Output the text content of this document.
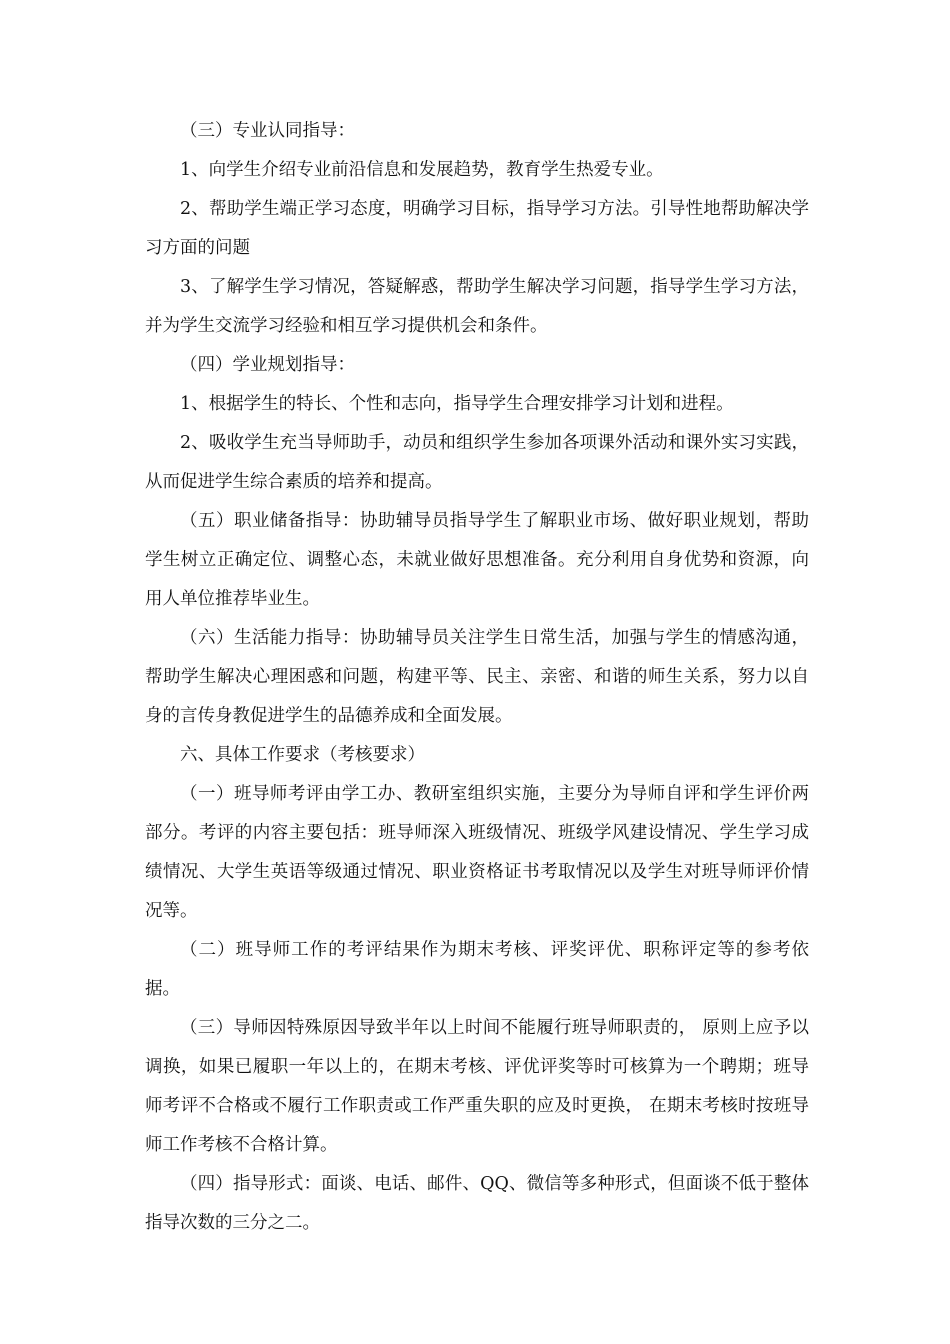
（三）专业认同指导：

1、向学生介绍专业前沿信息和发展趋势，教育学生热爱专业。

2、帮助学生端正学习态度，明确学习目标，指导学习方法。引导性地帮助解决学习方面的问题

3、了解学生学习情况，答疑解惑，帮助学生解决学习问题，指导学生学习方法，并为学生交流学习经验和相互学习提供机会和条件。

（四）学业规划指导：

1、根据学生的特长、个性和志向，指导学生合理安排学习计划和进程。

2、吸收学生充当导师助手，动员和组织学生参加各项课外活动和课外实习实践，从而促进学生综合素质的培养和提高。

（五）职业储备指导：协助辅导员指导学生了解职业市场、做好职业规划，帮助学生树立正确定位、调整心态，未就业做好思想准备。充分利用自身优势和资源，向用人单位推荐毕业生。

（六）生活能力指导：协助辅导员关注学生日常生活，加强与学生的情感沟通，帮助学生解决心理困惑和问题，构建平等、民主、亲密、和谐的师生关系，努力以自身的言传身教促进学生的品德养成和全面发展。

六、具体工作要求（考核要求）

（一）班导师考评由学工办、教研室组织实施，主要分为导师自评和学生评价两部分。考评的内容主要包括：班导师深入班级情况、班级学风建设情况、学生学习成绩情况、大学生英语等级通过情况、职业资格证书考取情况以及学生对班导师评价情况等。

（二）班导师工作的考评结果作为期末考核、评奖评优、职称评定等的参考依据。

（三）导师因特殊原因导致半年以上时间不能履行班导师职责的， 原则上应予以调换，如果已履职一年以上的，在期末考核、评优评奖等时可核算为一个聘期；班导师考评不合格或不履行工作职责或工作严重失职的应及时更换， 在期末考核时按班导师工作考核不合格计算。

（四）指导形式：面谈、电话、邮件、QQ、微信等多种形式，但面谈不低于整体指导次数的三分之二。
